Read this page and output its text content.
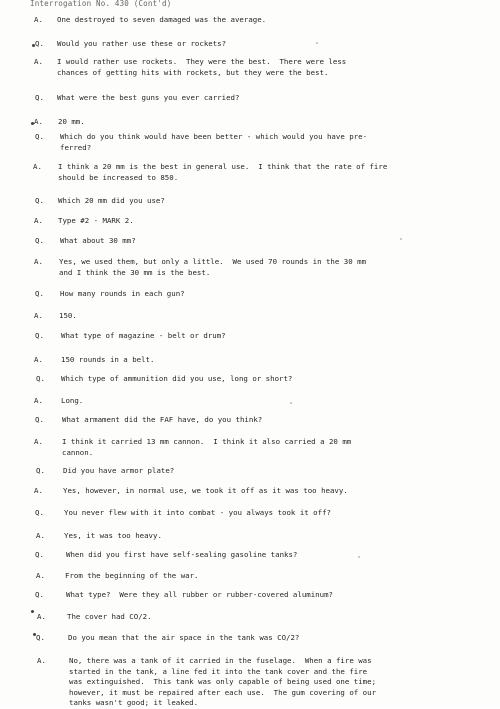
Interrogation No. 430 (Cont'd)
A.	One destroyed to seven damaged was the average.
Q.	Would you rather use these or rockets?
A.	I would rather use rockets.  They were the best.  There were less
chances of getting hits with rockets, but they were the best.
Q.	What were the best guns you ever carried?
A.	20 mm.
Q.	Which do you think would have been better - which would you have pre-
ferred?
A.	I think a 20 mm is the best in general use.  I think that the rate of fire
should be increased to 850.
Q.	Which 20 mm did you use?
A.	Type #2 - MARK 2.
Q.	What about 30 mm?
A.	Yes, we used them, but only a little.  We used 70 rounds in the 30 mm
and I think the 30 mm is the best.
Q.	How many rounds in each gun?
A.	150.
Q.	What type of magazine - belt or drum?
A.	150 rounds in a belt.
Q.	Which type of ammunition did you use, long or short?
A.	Long.
Q.	What armament did the FAF have, do you think?
A.	I think it carried 13 mm cannon.  I think it also carried a 20 mm
cannon.
Q.	Did you have armor plate?
A.	Yes, however, in normal use, we took it off as it was too heavy.
Q.	You never flew with it into combat - you always took it off?
A.	Yes, it was too heavy.
Q.	When did you first have self-sealing gasoline tanks?
A.	From the beginning of the war.
Q.	What type?  Were they all rubber or rubber-covered aluminum?
A.	The cover had CO/2.
Q.	Do you mean that the air space in the tank was CO/2?
A.	No, there was a tank of it carried in the fuselage.  When a fire was
started in the tank, a line fed it into the tank cover and the fire
was extinguished.  This tank was only capable of being used one time;
however, it must be repaired after each use.  The gum covering of our
tanks wasn't good; it leaked.
